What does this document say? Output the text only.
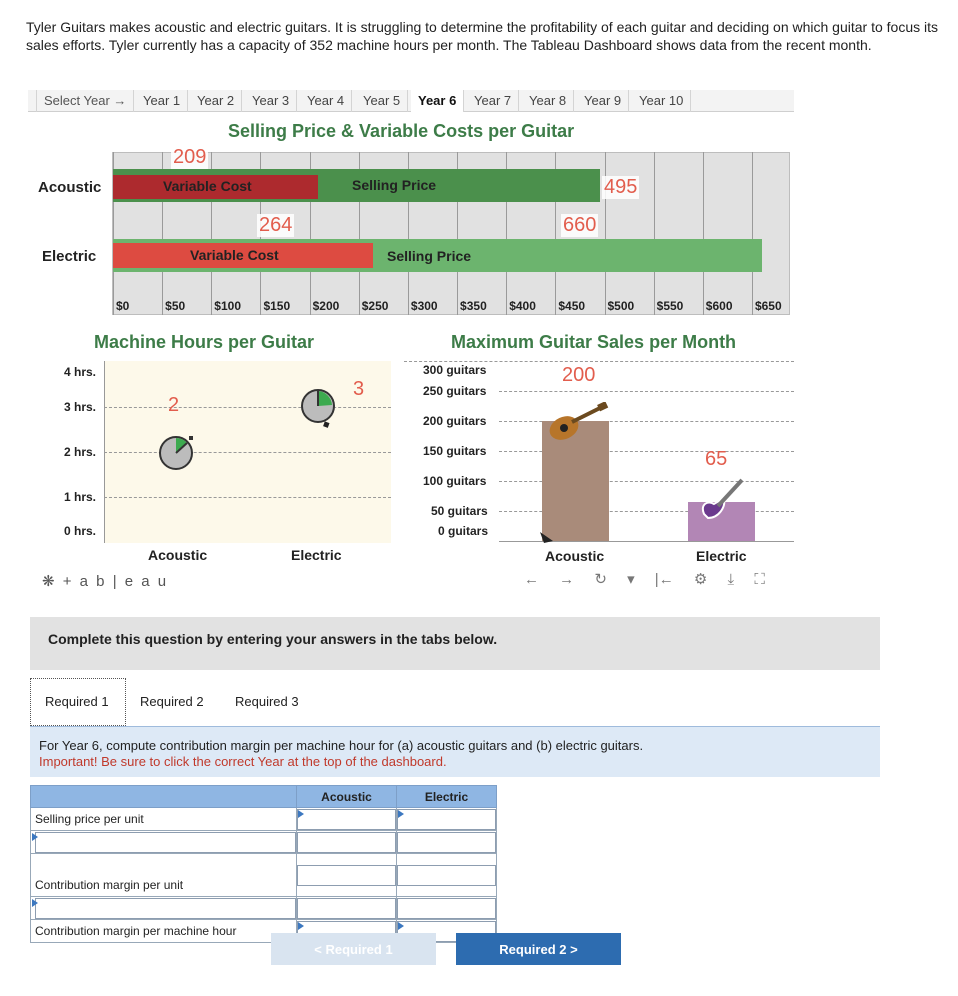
Tyler Guitars makes acoustic and electric guitars. It is struggling to determine the profitability of each guitar and deciding on which guitar to focus its sales efforts. Tyler currently has a capacity of 352 machine hours per month. The Tableau Dashboard shows data from the recent month.

Select Year →	Year 1	Year 2	Year 3	Year 4	Year 5	Year 6	Year 7	Year 8	Year 9	Year 10
Selling Price & Variable Costs per Guitar
Acoustic
Electric
Variable Cost	Selling Price
Variable Cost	Selling Price
209
495
264	660
$0	$50 $100 $150 $200 $250 $300 $350 $400 $450 $500 $550 $600 $650
Machine Hours per Guitar
4 hrs.
3 hrs.
2 hrs.
1 hrs.
0 hrs.
2
3
Acoustic	Electric
Maximum Guitar Sales per Month
300 guitars
250 guitars
200 guitars
150 guitars
100 guitars
50 guitars
0 guitars
200
65
Acoustic	Electric
❋ + a b | e a u	← → ↻ ▾ |← ⚙ ⤓ ⛶
Complete this question by entering your answers in the tabs below.
Required 1	Required 2	Required 3
For Year 6, compute contribution margin per machine hour for (a) acoustic guitars and (b) electric guitars.
Important! Be sure to click the correct Year at the top of the dashboard.
	Acoustic	Electric
Selling price per unit	

Contribution margin per unit		

Contribution margin per machine hour	

< Required 1	Required 2 >
